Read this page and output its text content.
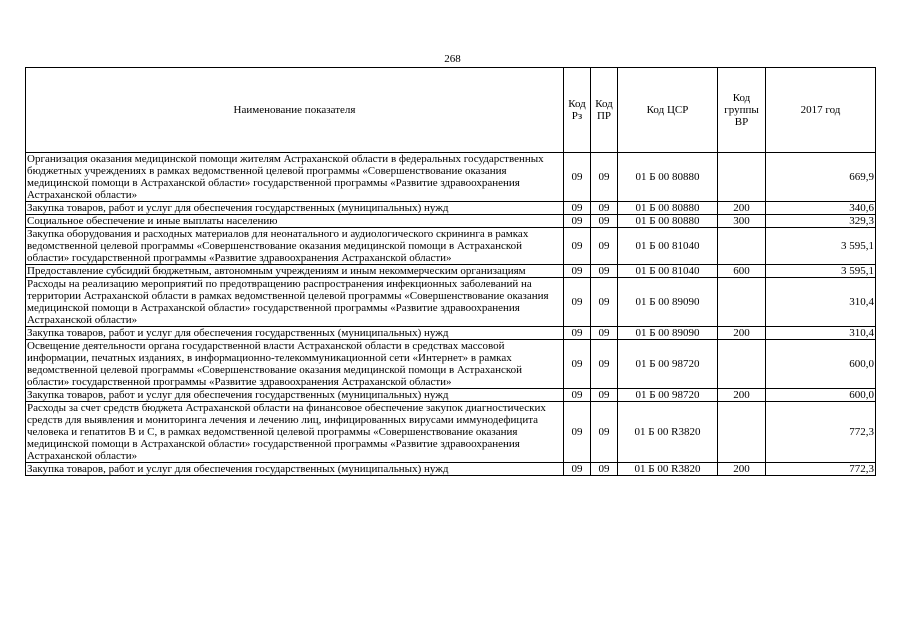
268
Наименование показателя	Код Рз	Код ПР	Код ЦСР	Код группы ВР	2017 год
Организация оказания медицинской помощи жителям Астраханской области в федеральных государственных бюджетных учреждениях в рамках ведомственной целевой программы «Совершенствование оказания медицинской помощи в Астраханской области» государственной программы «Развитие здравоохранения Астраханской области»	09	09	01 Б 00 80880		669,9
Закупка товаров, работ и услуг для обеспечения государственных (муниципальных) нужд	09	09	01 Б 00 80880	200	340,6
Социальное обеспечение и иные выплаты населению	09	09	01 Б 00 80880	300	329,3
Закупка оборудования и расходных материалов для неонатального и аудиологического скрининга в рамках ведомственной целевой программы «Совершенствование оказания медицинской помощи в Астраханской области» государственной программы «Развитие здравоохранения Астраханской области»	09	09	01 Б 00 81040		3 595,1
Предоставление субсидий бюджетным, автономным учреждениям и иным некоммерческим организациям	09	09	01 Б 00 81040	600	3 595,1
Расходы на реализацию мероприятий по предотвращению распространения инфекционных заболеваний на территории Астраханской области в рамках ведомственной целевой программы «Совершенствование оказания медицинской помощи в Астраханской области» государственной программы «Развитие здравоохранения Астраханской области»	09	09	01 Б 00 89090		310,4
Закупка товаров, работ и услуг для обеспечения государственных (муниципальных) нужд	09	09	01 Б 00 89090	200	310,4
Освещение деятельности органа государственной власти Астраханской области в средствах массовой информации, печатных изданиях, в информационно-телекоммуникационной сети «Интернет» в рамках ведомственной целевой программы «Совершенствование оказания медицинской помощи в Астраханской области» государственной программы «Развитие здравоохранения Астраханской области»	09	09	01 Б 00 98720		600,0
Закупка товаров, работ и услуг для обеспечения государственных (муниципальных) нужд	09	09	01 Б 00 98720	200	600,0
Расходы за счет средств бюджета Астраханской области на финансовое обеспечение закупок диагностических средств для выявления и мониторинга лечения и лечению лиц, инфицированных вирусами иммунодефицита человека и гепатитов В и С, в рамках ведомственной целевой программы «Совершенствование оказания медицинской помощи в Астраханской области» государственной программы «Развитие здравоохранения Астраханской области»	09	09	01 Б 00 R3820		772,3
Закупка товаров, работ и услуг для обеспечения государственных (муниципальных) нужд	09	09	01 Б 00 R3820	200	772,3
